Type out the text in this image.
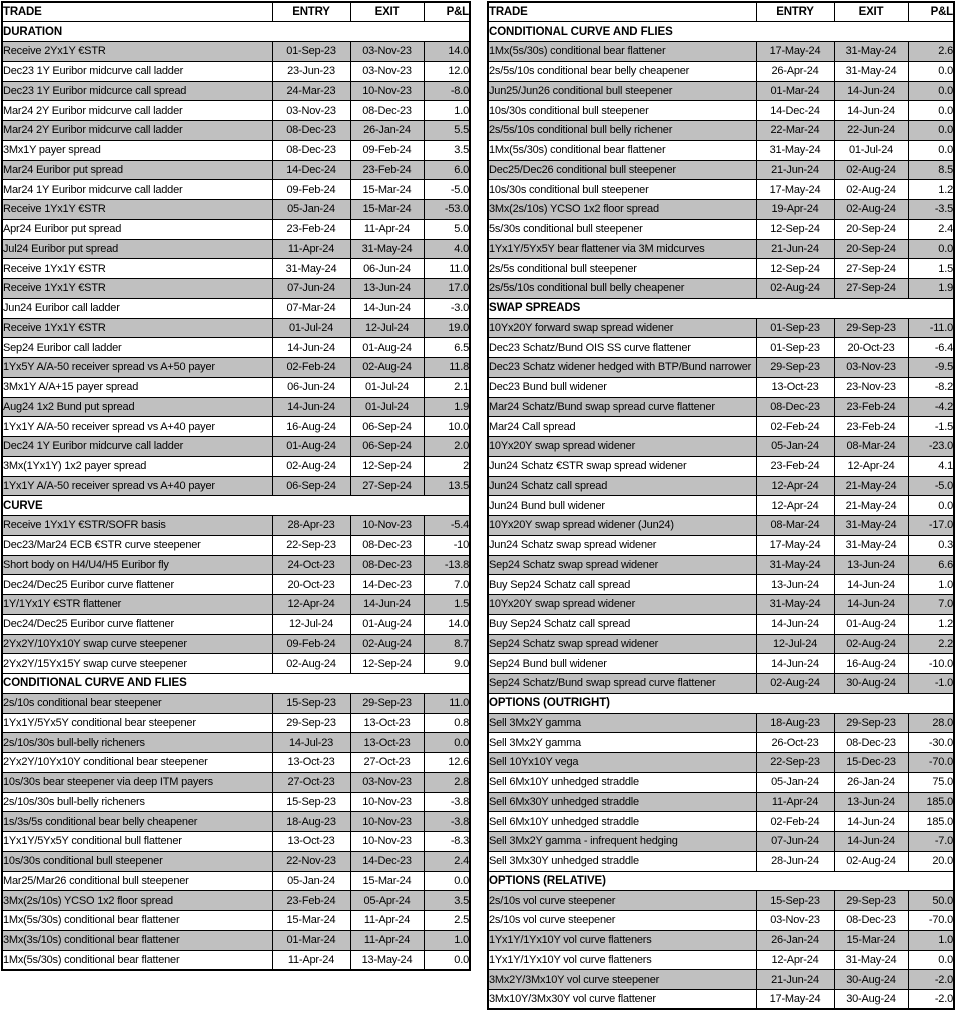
TRADE	ENTRY	EXIT	P&L
DURATION			
Receive 2Yx1Y €STR	01-Sep-23	03-Nov-23	14.0
Dec23 1Y Euribor midcurve call ladder	23-Jun-23	03-Nov-23	12.0
Dec23 1Y Euribor midcurce call spread	24-Mar-23	10-Nov-23	-8.0
Mar24 2Y Euribor midcurve call ladder	03-Nov-23	08-Dec-23	1.0
Mar24 2Y Euribor midcurve call ladder	08-Dec-23	26-Jan-24	5.5
3Mx1Y payer spread	08-Dec-23	09-Feb-24	3.5
Mar24 Euribor put spread	14-Dec-24	23-Feb-24	6.0
Mar24 1Y Euribor midcurve call ladder	09-Feb-24	15-Mar-24	-5.0
Receive 1Yx1Y €STR	05-Jan-24	15-Mar-24	-53.0
Apr24 Euribor put spread	23-Feb-24	11-Apr-24	5.0
Jul24 Euribor put spread	11-Apr-24	31-May-24	4.0
Receive 1Yx1Y €STR	31-May-24	06-Jun-24	11.0
Receive 1Yx1Y €STR	07-Jun-24	13-Jun-24	17.0
Jun24 Euribor call ladder	07-Mar-24	14-Jun-24	-3.0
Receive 1Yx1Y €STR	01-Jul-24	12-Jul-24	19.0
Sep24 Euribor call ladder	14-Jun-24	01-Aug-24	6.5
1Yx5Y A/A-50 receiver spread vs A+50 payer	02-Feb-24	02-Aug-24	11.8
3Mx1Y A/A+15 payer spread	06-Jun-24	01-Jul-24	2.1
Aug24 1x2 Bund put spread	14-Jun-24	01-Jul-24	1.9
1Yx1Y A/A-50 receiver spread vs A+40 payer	16-Aug-24	06-Sep-24	10.0
Dec24 1Y Euribor midcurve call ladder	01-Aug-24	06-Sep-24	2.0
3Mx(1Yx1Y) 1x2 payer spread	02-Aug-24	12-Sep-24	2
1Yx1Y A/A-50 receiver spread vs A+40 payer	06-Sep-24	27-Sep-24	13.5
CURVE			
Receive 1Yx1Y €STR/SOFR basis	28-Apr-23	10-Nov-23	-5.4
Dec23/Mar24 ECB €STR curve steepener	22-Sep-23	08-Dec-23	-10
Short body on H4/U4/H5 Euribor fly	24-Oct-23	08-Dec-23	-13.8
Dec24/Dec25 Euribor curve flattener	20-Oct-23	14-Dec-23	7.0
1Y/1Yx1Y €STR flattener	12-Apr-24	14-Jun-24	1.5
Dec24/Dec25 Euribor curve flattener	12-Jul-24	01-Aug-24	14.0
2Yx2Y/10Yx10Y swap curve steepener	09-Feb-24	02-Aug-24	8.7
2Yx2Y/15Yx15Y swap curve steepener	02-Aug-24	12-Sep-24	9.0
CONDITIONAL CURVE AND FLIES			
2s/10s conditional bear steepener	15-Sep-23	29-Sep-23	11.0
1Yx1Y/5Yx5Y conditional bear steepener	29-Sep-23	13-Oct-23	0.8
2s/10s/30s bull-belly richeners	14-Jul-23	13-Oct-23	0.0
2Yx2Y/10Yx10Y conditional bear steepener	13-Oct-23	27-Oct-23	12.6
10s/30s bear steepener via deep ITM payers	27-Oct-23	03-Nov-23	2.8
2s/10s/30s bull-belly richeners	15-Sep-23	10-Nov-23	-3.8
1s/3s/5s conditional bear belly cheapener	18-Aug-23	10-Nov-23	-3.8
1Yx1Y/5Yx5Y conditional bull flattener	13-Oct-23	10-Nov-23	-8.3
10s/30s conditional bull steepener	22-Nov-23	14-Dec-23	2.4
Mar25/Mar26 conditional bull steepener	05-Jan-24	15-Mar-24	0.0
3Mx(2s/10s) YCSO 1x2 floor spread	23-Feb-24	05-Apr-24	3.5
1Mx(5s/30s) conditional bear flattener	15-Mar-24	11-Apr-24	2.5
3Mx(3s/10s) conditional bear flattener	01-Mar-24	11-Apr-24	1.0
1Mx(5s/30s) conditional bear flattener	11-Apr-24	13-May-24	0.0
TRADE	ENTRY	EXIT	P&L
CONDITIONAL CURVE AND FLIES			
1Mx(5s/30s) conditional bear flattener	17-May-24	31-May-24	2.6
2s/5s/10s conditional bear belly cheapener	26-Apr-24	31-May-24	0.0
Jun25/Jun26 conditional bull steepener	01-Mar-24	14-Jun-24	0.0
10s/30s conditional bull steepener	14-Dec-24	14-Jun-24	0.0
2s/5s/10s conditional bull belly richener	22-Mar-24	22-Jun-24	0.0
1Mx(5s/30s) conditional bear flattener	31-May-24	01-Jul-24	0.0
Dec25/Dec26 conditional bull steepener	21-Jun-24	02-Aug-24	8.5
10s/30s conditional bull steepener	17-May-24	02-Aug-24	1.2
3Mx(2s/10s) YCSO 1x2 floor spread	19-Apr-24	02-Aug-24	-3.5
5s/30s conditional bull steepener	12-Sep-24	20-Sep-24	2.4
1Yx1Y/5Yx5Y bear flattener via 3M midcurves	21-Jun-24	20-Sep-24	0.0
2s/5s conditional bull steepener	12-Sep-24	27-Sep-24	1.5
2s/5s/10s conditional bull belly cheapener	02-Aug-24	27-Sep-24	1.9
SWAP SPREADS			
10Yx20Y forward swap spread widener	01-Sep-23	29-Sep-23	-11.0
Dec23 Schatz/Bund OIS SS curve flattener	01-Sep-23	20-Oct-23	-6.4
Dec23 Schatz widener hedged with BTP/Bund narrower	29-Sep-23	03-Nov-23	-9.5
Dec23 Bund bull widener	13-Oct-23	23-Nov-23	-8.2
Mar24 Schatz/Bund swap spread curve flattener	08-Dec-23	23-Feb-24	-4.2
Mar24 Call spread	02-Feb-24	23-Feb-24	-1.5
10Yx20Y swap spread widener	05-Jan-24	08-Mar-24	-23.0
Jun24 Schatz €STR swap spread widener	23-Feb-24	12-Apr-24	4.1
Jun24 Schatz call spread	12-Apr-24	21-May-24	-5.0
Jun24 Bund bull widener	12-Apr-24	21-May-24	0.0
10Yx20Y swap spread widener (Jun24)	08-Mar-24	31-May-24	-17.0
Jun24 Schatz swap spread widener	17-May-24	31-May-24	0.3
Sep24 Schatz swap spread widener	31-May-24	13-Jun-24	6.6
Buy Sep24 Schatz call spread	13-Jun-24	14-Jun-24	1.0
10Yx20Y swap spread widener	31-May-24	14-Jun-24	7.0
Buy Sep24 Schatz call spread	14-Jun-24	01-Aug-24	1.2
Sep24 Schatz swap spread widener	12-Jul-24	02-Aug-24	2.2
Sep24 Bund bull widener	14-Jun-24	16-Aug-24	-10.0
Sep24 Schatz/Bund swap spread curve flattener	02-Aug-24	30-Aug-24	-1.0
OPTIONS (OUTRIGHT)			
Sell 3Mx2Y gamma	18-Aug-23	29-Sep-23	28.0
Sell 3Mx2Y gamma	26-Oct-23	08-Dec-23	-30.0
Sell 10Yx10Y vega	22-Sep-23	15-Dec-23	-70.0
Sell 6Mx10Y unhedged straddle	05-Jan-24	26-Jan-24	75.0
Sell 6Mx30Y unhedged straddle	11-Apr-24	13-Jun-24	185.0
Sell 6Mx10Y unhedged straddle	02-Feb-24	14-Jun-24	185.0
Sell 3Mx2Y gamma - infrequent hedging	07-Jun-24	14-Jun-24	-7.0
Sell 3Mx30Y unhedged straddle	28-Jun-24	02-Aug-24	20.0
OPTIONS (RELATIVE)			
2s/10s vol curve steepener	15-Sep-23	29-Sep-23	50.0
2s/10s vol curve steepener	03-Nov-23	08-Dec-23	-70.0
1Yx1Y/1Yx10Y vol curve flatteners	26-Jan-24	15-Mar-24	1.0
1Yx1Y/1Yx10Y vol curve flatteners	12-Apr-24	31-May-24	0.0
3Mx2Y/3Mx10Y vol curve steepener	21-Jun-24	30-Aug-24	-2.0
3Mx10Y/3Mx30Y vol curve flattener	17-May-24	30-Aug-24	-2.0
